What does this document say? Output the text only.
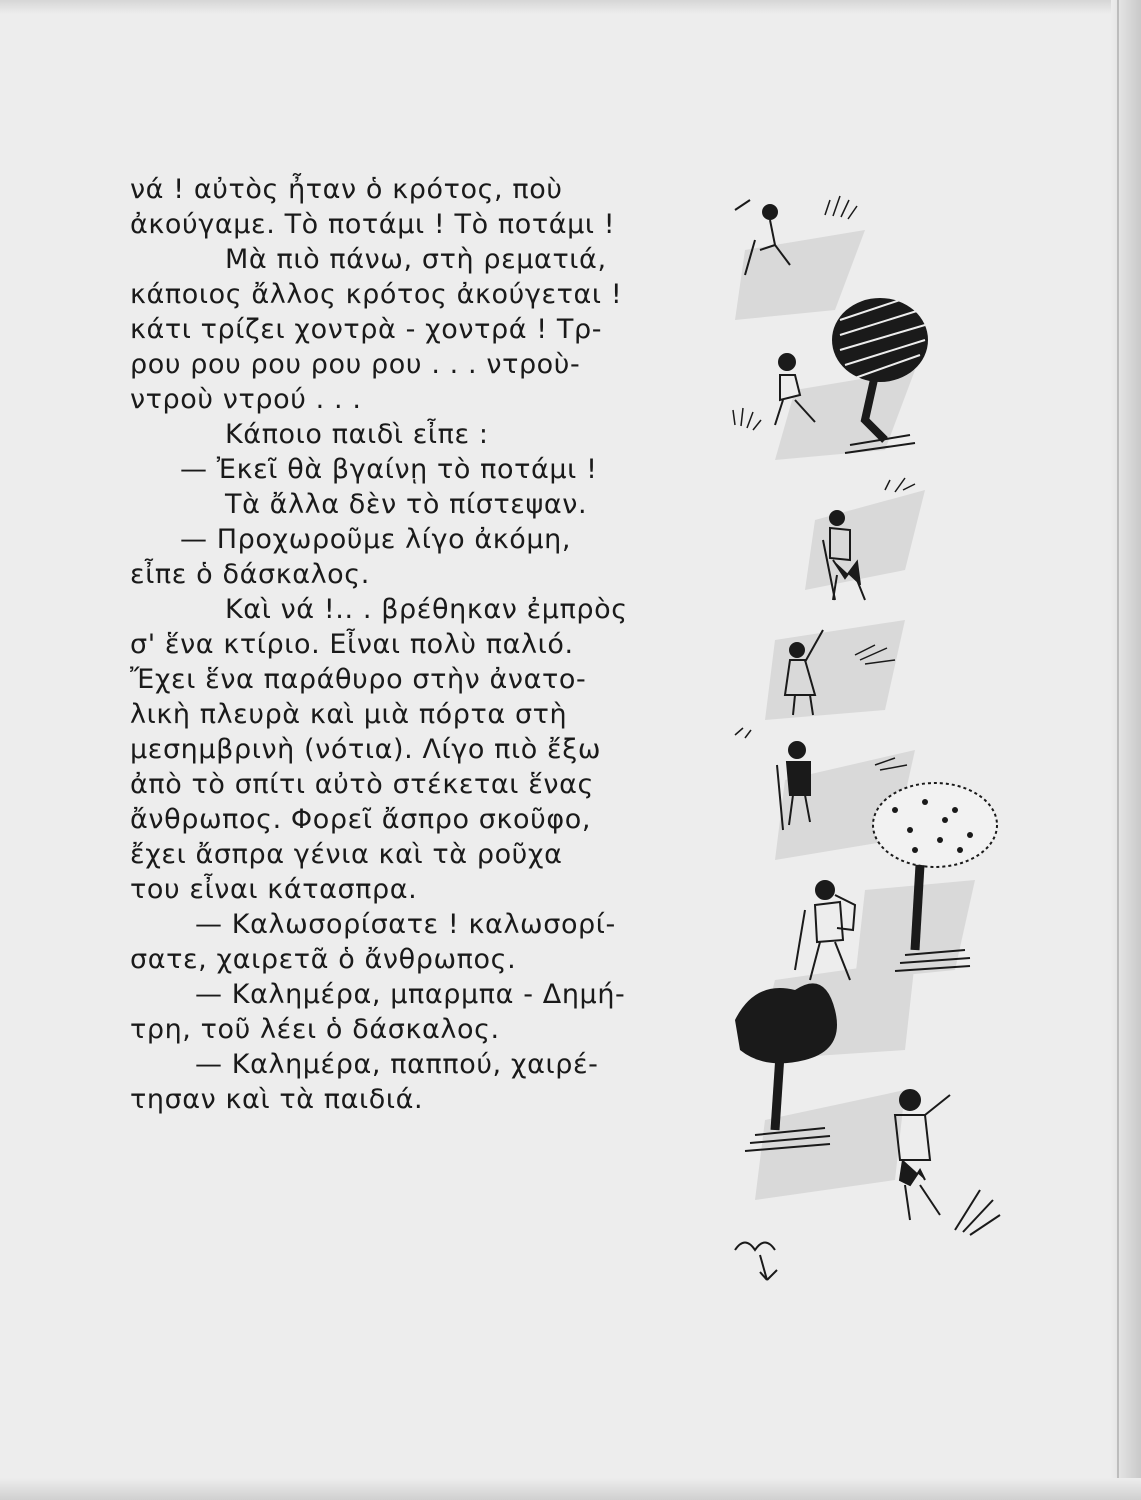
νά ! αὐτὸς ἦταν ὁ κρότος, ποὺ
ἀκούγαμε. Τὸ ποτάμι ! Τὸ ποτάμι !
Μὰ πιὸ πάνω, στὴ ρεματιά,
κάποιος ἄλλος κρότος ἀκούγεται !
κάτι τρίζει χοντρὰ - χοντρά ! Τρ-
ρου ρου ρου ρου ρου . . . ντροὺ-
ντροὺ ντρού . . .
Κάποιο παιδὶ εἶπε :
— Ἐκεῖ θὰ βγαίνῃ τὸ ποτάμι !
Τὰ ἄλλα δὲν τὸ πίστεψαν.
— Προχωροῦμε λίγο ἀκόμη,
εἶπε ὁ δάσκαλος.
Καὶ νά !.. . βρέθηκαν ἐμπρὸς
σ' ἕνα κτίριο. Εἶναι πολὺ παλιό.
Ἔχει ἕνα παράθυρο στὴν ἀνατο-
λικὴ πλευρὰ καὶ μιὰ πόρτα στὴ
μεσημβρινὴ (νότια). Λίγο πιὸ ἔξω
ἀπὸ τὸ σπίτι αὐτὸ στέκεται ἕνας
ἄνθρωπος. Φορεῖ ἄσπρο σκοῦφο,
ἔχει ἄσπρα γένια καὶ τὰ ροῦχα
του εἶναι κάτασπρα.
— Καλωσορίσατε ! καλωσορί-
σατε, χαιρετᾶ ὁ ἄνθρωπος.
— Καλημέρα, μπαρμπα - Δημή-
τρη, τοῦ λέει ὁ δάσκαλος.
— Καλημέρα, παππού, χαιρέ-
τησαν καὶ τὰ παιδιά.
